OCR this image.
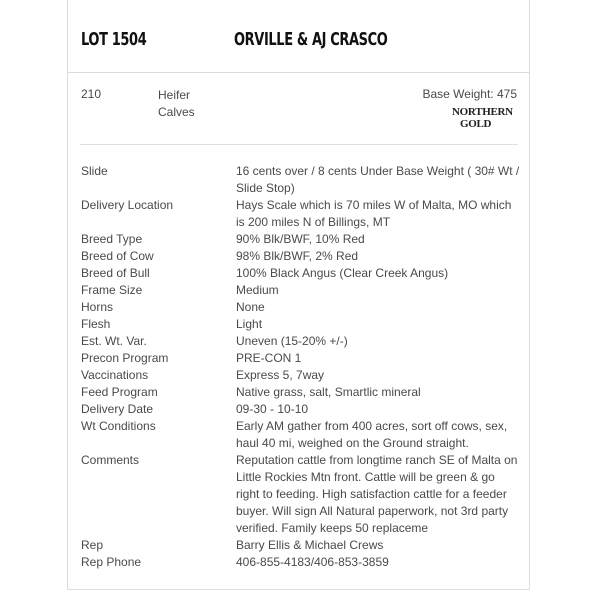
LOT 1504	ORVILLE & AJ CRASCO
210	Heifer Calves
Base Weight: 475
NORTHERN
GOLD
Slide	16 cents over / 8 cents Under Base Weight ( 30# Wt / Slide Stop)
Delivery Location	Hays Scale which is 70 miles W of Malta, MO which is 200 miles N of Billings, MT
Breed Type	90% Blk/BWF, 10% Red
Breed of Cow	98% Blk/BWF, 2% Red
Breed of Bull	100% Black Angus (Clear Creek Angus)
Frame Size	Medium
Horns	None
Flesh	Light
Est. Wt. Var.	Uneven (15-20% +/-)
Precon Program	PRE-CON 1
Vaccinations	Express 5, 7way
Feed Program	Native grass, salt, Smartlic mineral
Delivery Date	09-30 - 10-10
Wt Conditions	Early AM gather from 400 acres, sort off cows, sex, haul 40 mi, weighed on the Ground straight.
Comments	Reputation cattle from longtime ranch SE of Malta on Little Rockies Mtn front. Cattle will be green & go right to feeding. High satisfaction cattle for a feeder buyer. Will sign All Natural paperwork, not 3rd party verified. Family keeps 50 replaceme
Rep	Barry Ellis & Michael Crews
Rep Phone	406-855-4183/406-853-3859
